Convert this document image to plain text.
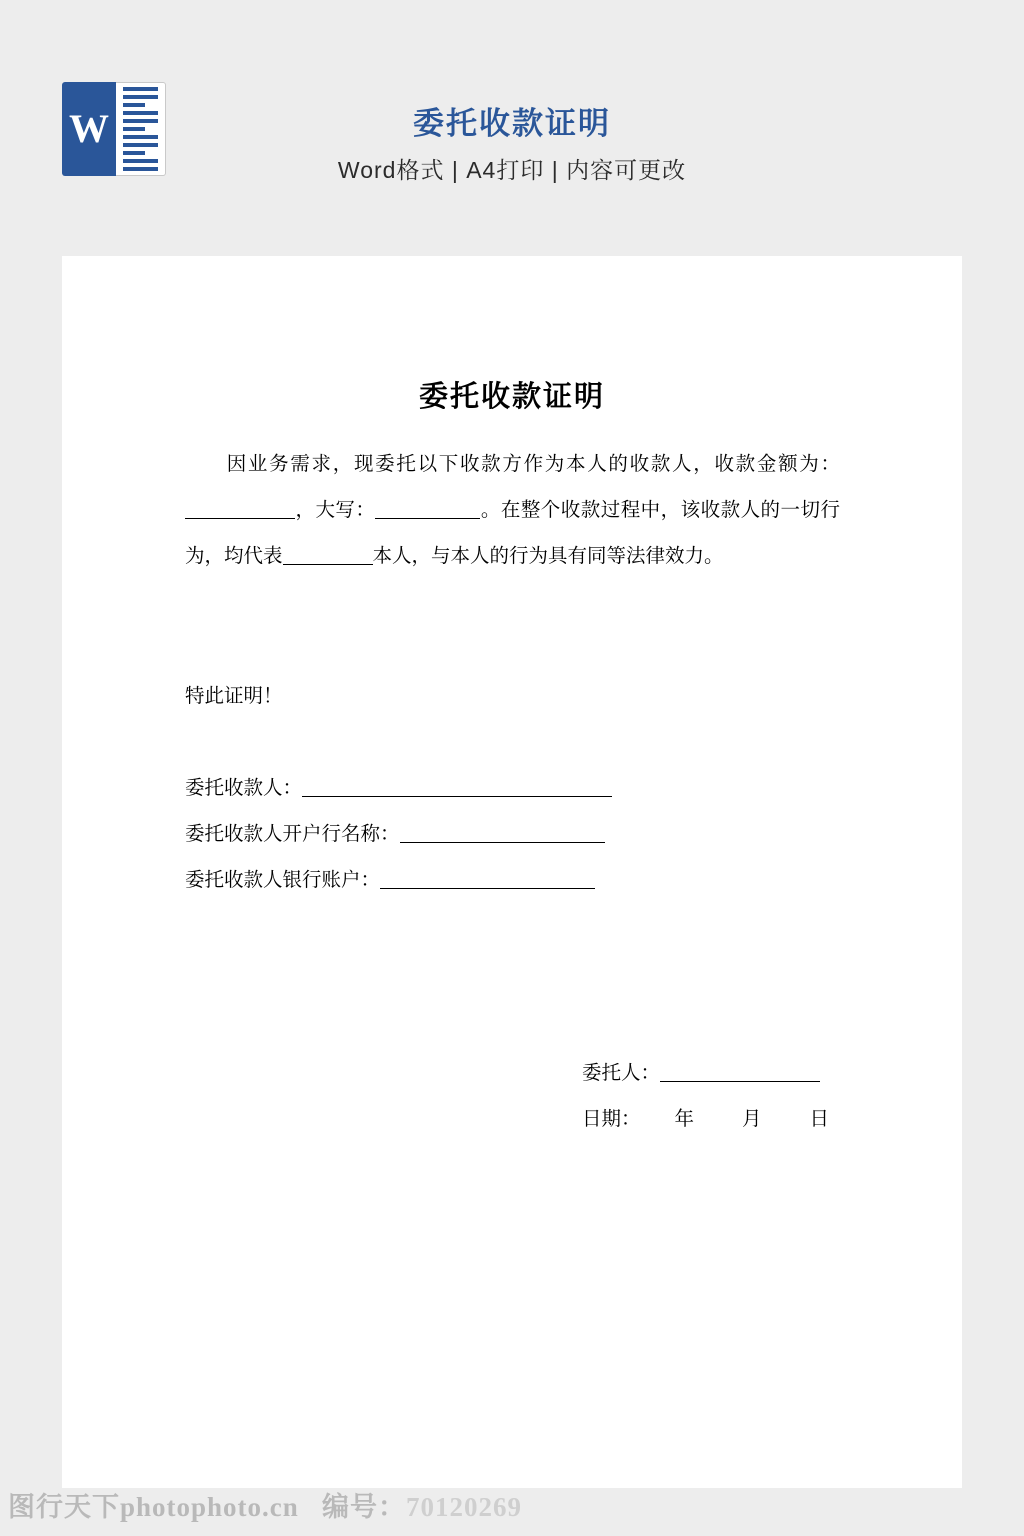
W	委托收款证明
Word格式 | A4打印 | 内容可更改
委托收款证明
因业务需求，现委托以下收款方作为本人的收款人，收款金额为：，大写：	。在整个收款过程中，该收款人的一切行为，均代表	本人，与本人的行为具有同等法律效力。
特此证明！
委托收款人：
委托收款人开户行名称：
委托收款人银行账户：
委托人：
日期： 年 月 日
图行天下photophoto.cn 编号：70120269
